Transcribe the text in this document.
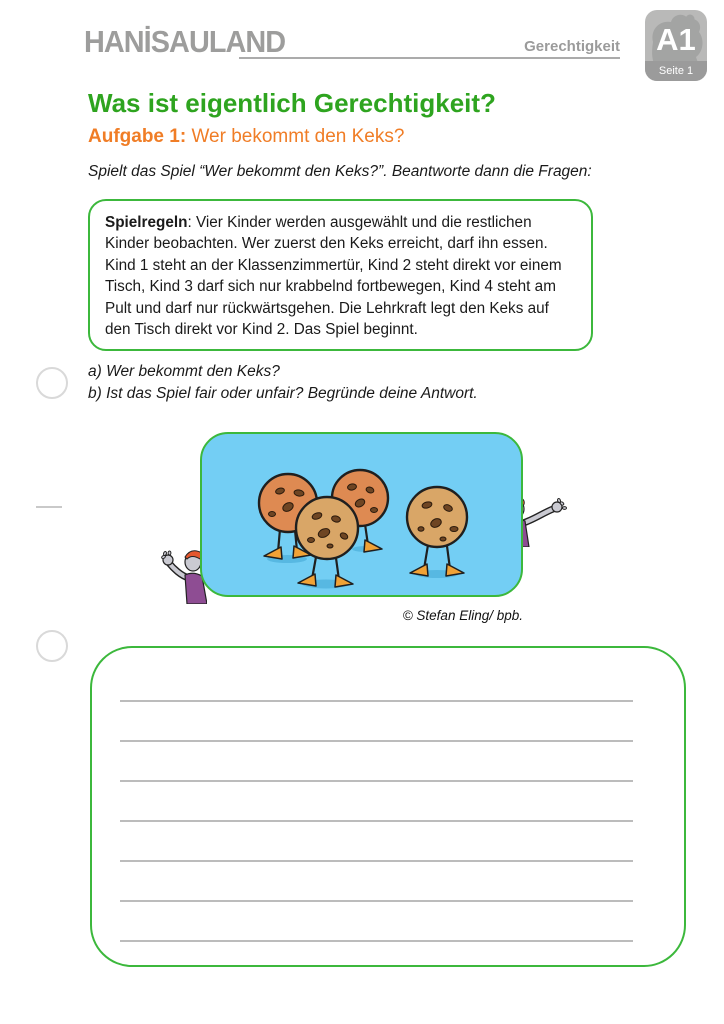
HANİSAULAND	Gerechtigkeit	A1
Seite 1
Was ist eigentlich Gerechtigkeit?
Aufgabe 1: Wer bekommt den Keks?
Spielt das Spiel “Wer bekommt den Keks?”. Beantworte dann die Fragen:

Spielregeln: Vier Kinder werden ausgewählt und die restlichen Kinder beobachten. Wer zuerst den Keks erreicht, darf ihn essen. Kind 1 steht an der Klassenzimmertür, Kind 2 steht direkt vor einem Tisch, Kind 3 darf sich nur krabbelnd fortbewegen, Kind 4 steht am Pult und darf nur rückwärtsgehen. Die Lehrkraft legt den Keks auf den Tisch direkt vor Kind 2. Das Spiel beginnt.

a) Wer bekommt den Keks?
b) Ist das Spiel fair oder unfair? Begründe deine Antwort.
© Stefan Eling/ bpb.
